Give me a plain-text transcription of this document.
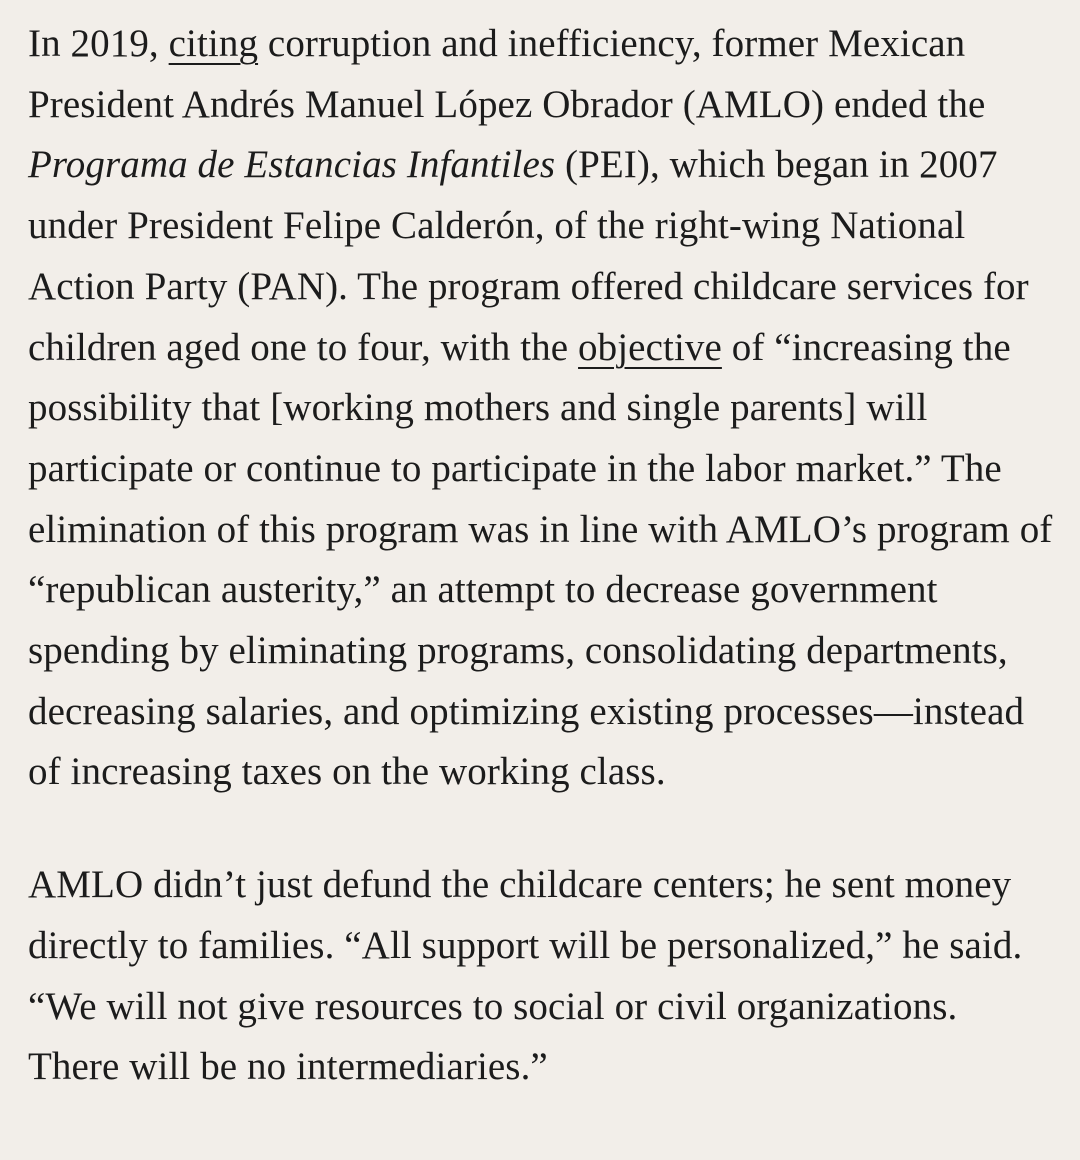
In 2019, citing corruption and inefficiency, former Mexican President Andrés Manuel López Obrador (AMLO) ended the Programa de Estancias Infantiles (PEI), which began in 2007 under President Felipe Calderón, of the right-wing National Action Party (PAN). The program offered childcare services for children aged one to four, with the objective of “increasing the possibility that [working mothers and single parents] will participate or continue to participate in the labor market.” The elimination of this program was in line with AMLO’s program of “republican austerity,” an attempt to decrease government spending by eliminating programs, consolidating departments, decreasing salaries, and optimizing existing processes—instead of increasing taxes on the working class.

AMLO didn’t just defund the childcare centers; he sent money directly to families. “All support will be personalized,” he said. “We will not give resources to social or civil organizations. There will be no intermediaries.”
